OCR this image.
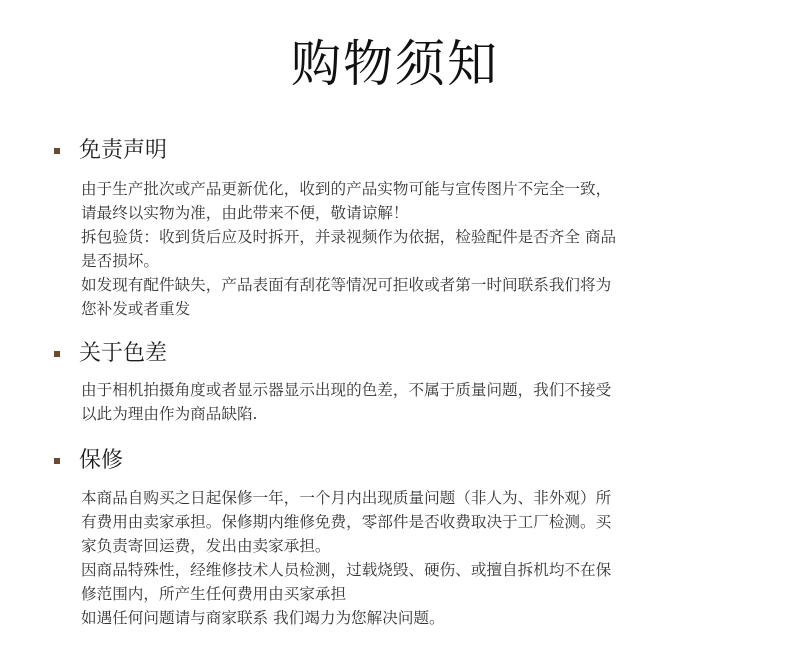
购物须知
免责声明
由于生产批次或产品更新优化，收到的产品实物可能与宣传图片不完全一致，
请最终以实物为准，由此带来不便，敬请谅解！
拆包验货：收到货后应及时拆开，并录视频作为依据，检验配件是否齐全 商品
是否损坏。
如发现有配件缺失，产品表面有刮花等情况可拒收或者第一时间联系我们将为
您补发或者重发
关于色差
由于相机拍摄角度或者显示器显示出现的色差，不属于质量问题，我们不接受
以此为理由作为商品缺陷.
保修
本商品自购买之日起保修一年，一个月内出现质量问题（非人为、非外观）所
有费用由卖家承担。保修期内维修免费，零部件是否收费取决于工厂检测。买
家负责寄回运费，发出由卖家承担。
因商品特殊性，经维修技术人员检测，过载烧毁、硬伤、或擅自拆机均不在保
修范围内，所产生任何费用由买家承担
如遇任何问题请与商家联系 我们竭力为您解决问题。
